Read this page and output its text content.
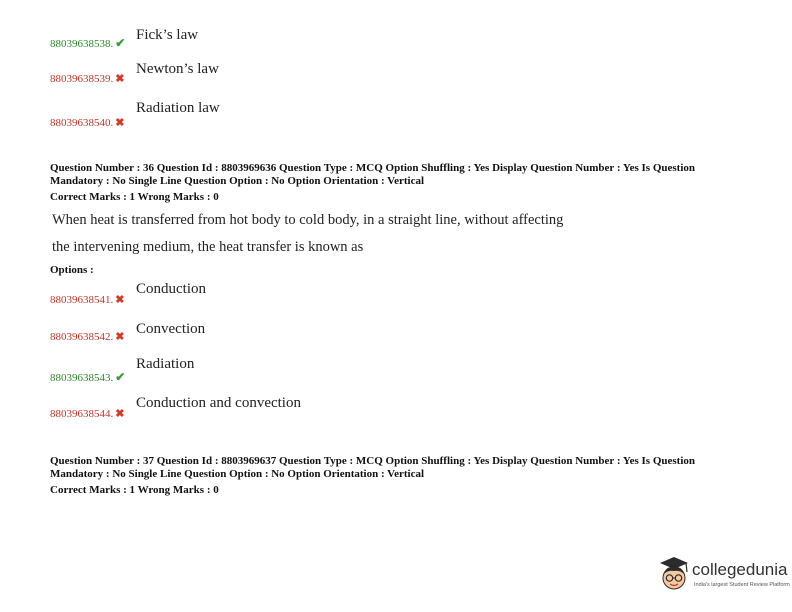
88039638538. ✔ Fick’s law
88039638539. ✖
Newton’s law
88039638540. ✖
Radiation law
Question Number : 36 Question Id : 8803969636 Question Type : MCQ Option Shuffling : Yes Display Question Number : Yes Is Question
Mandatory : No Single Line Question Option : No Option Orientation : Vertical
Correct Marks : 1 Wrong Marks : 0
When heat is transferred from hot body to cold body, in a straight line, without affecting
the intervening medium, the heat transfer is known as
Options :
88039638541. ✖
Conduction
88039638542. ✖ Convection
88039638543. ✔
Radiation
88039638544. ✖
Conduction and convection
Question Number : 37 Question Id : 8803969637 Question Type : MCQ Option Shuffling : Yes Display Question Number : Yes Is Question
Mandatory : No Single Line Question Option : No Option Orientation : Vertical
Correct Marks : 1 Wrong Marks : 0
collegedunia
India's largest Student Review Platform
